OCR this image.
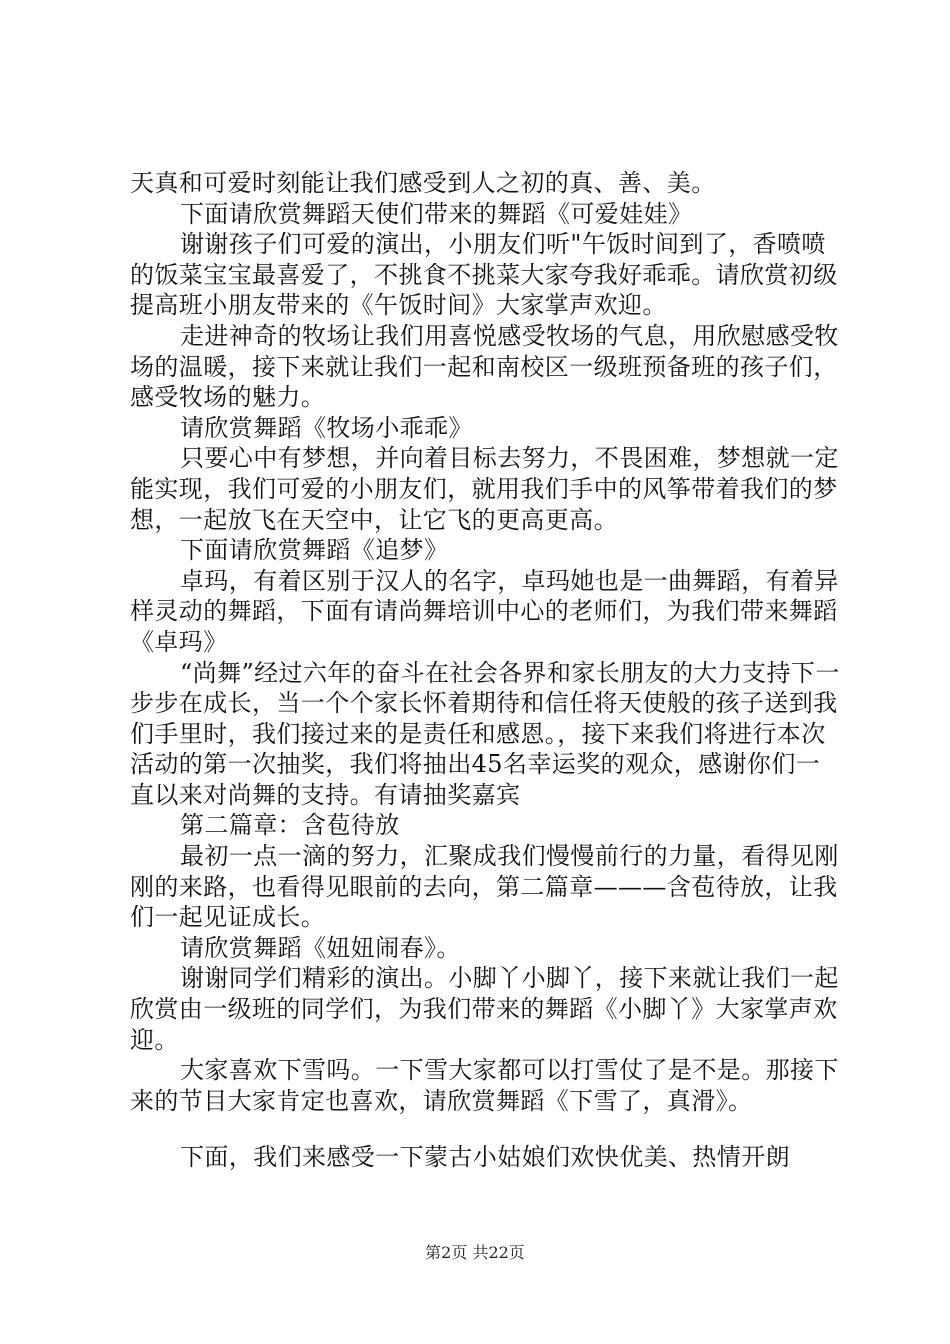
天真和可爱时刻能让我们感受到人之初的真、善、美。

下面请欣赏舞蹈天使们带来的舞蹈《可爱娃娃》

谢谢孩子们可爱的演出，小朋友们听"午饭时间到了，香喷喷的饭菜宝宝最喜爱了，不挑食不挑菜大家夸我好乖乖。请欣赏初级提高班小朋友带来的《午饭时间》大家掌声欢迎。

走进神奇的牧场让我们用喜悦感受牧场的气息，用欣慰感受牧场的温暖，接下来就让我们一起和南校区一级班预备班的孩子们，感受牧场的魅力。

请欣赏舞蹈《牧场小乖乖》

只要心中有梦想，并向着目标去努力，不畏困难，梦想就一定能实现，我们可爱的小朋友们，就用我们手中的风筝带着我们的梦想，一起放飞在天空中，让它飞的更高更高。

下面请欣赏舞蹈《追梦》

卓玛，有着区别于汉人的名字，卓玛她也是一曲舞蹈，有着异样灵动的舞蹈，下面有请尚舞培训中心的老师们，为我们带来舞蹈《卓玛》

“尚舞”经过六年的奋斗在社会各界和家长朋友的大力支持下一步步在成长，当一个个家长怀着期待和信任将天使般的孩子送到我们手里时，我们接过来的是责任和感恩。，接下来我们将进行本次活动的第一次抽奖，我们将抽出45名幸运奖的观众，感谢你们一直以来对尚舞的支持。有请抽奖嘉宾

第二篇章：含苞待放

最初一点一滴的努力，汇聚成我们慢慢前行的力量，看得见刚刚的来路，也看得见眼前的去向，第二篇章———含苞待放，让我们一起见证成长。

请欣赏舞蹈《妞妞闹春》。

谢谢同学们精彩的演出。小脚丫小脚丫，接下来就让我们一起欣赏由一级班的同学们，为我们带来的舞蹈《小脚丫》大家掌声欢迎。

大家喜欢下雪吗。一下雪大家都可以打雪仗了是不是。那接下来的节目大家肯定也喜欢，请欣赏舞蹈《下雪了，真滑》。

下面，我们来感受一下蒙古小姑娘们欢快优美、热情开朗

第2页 共22页
